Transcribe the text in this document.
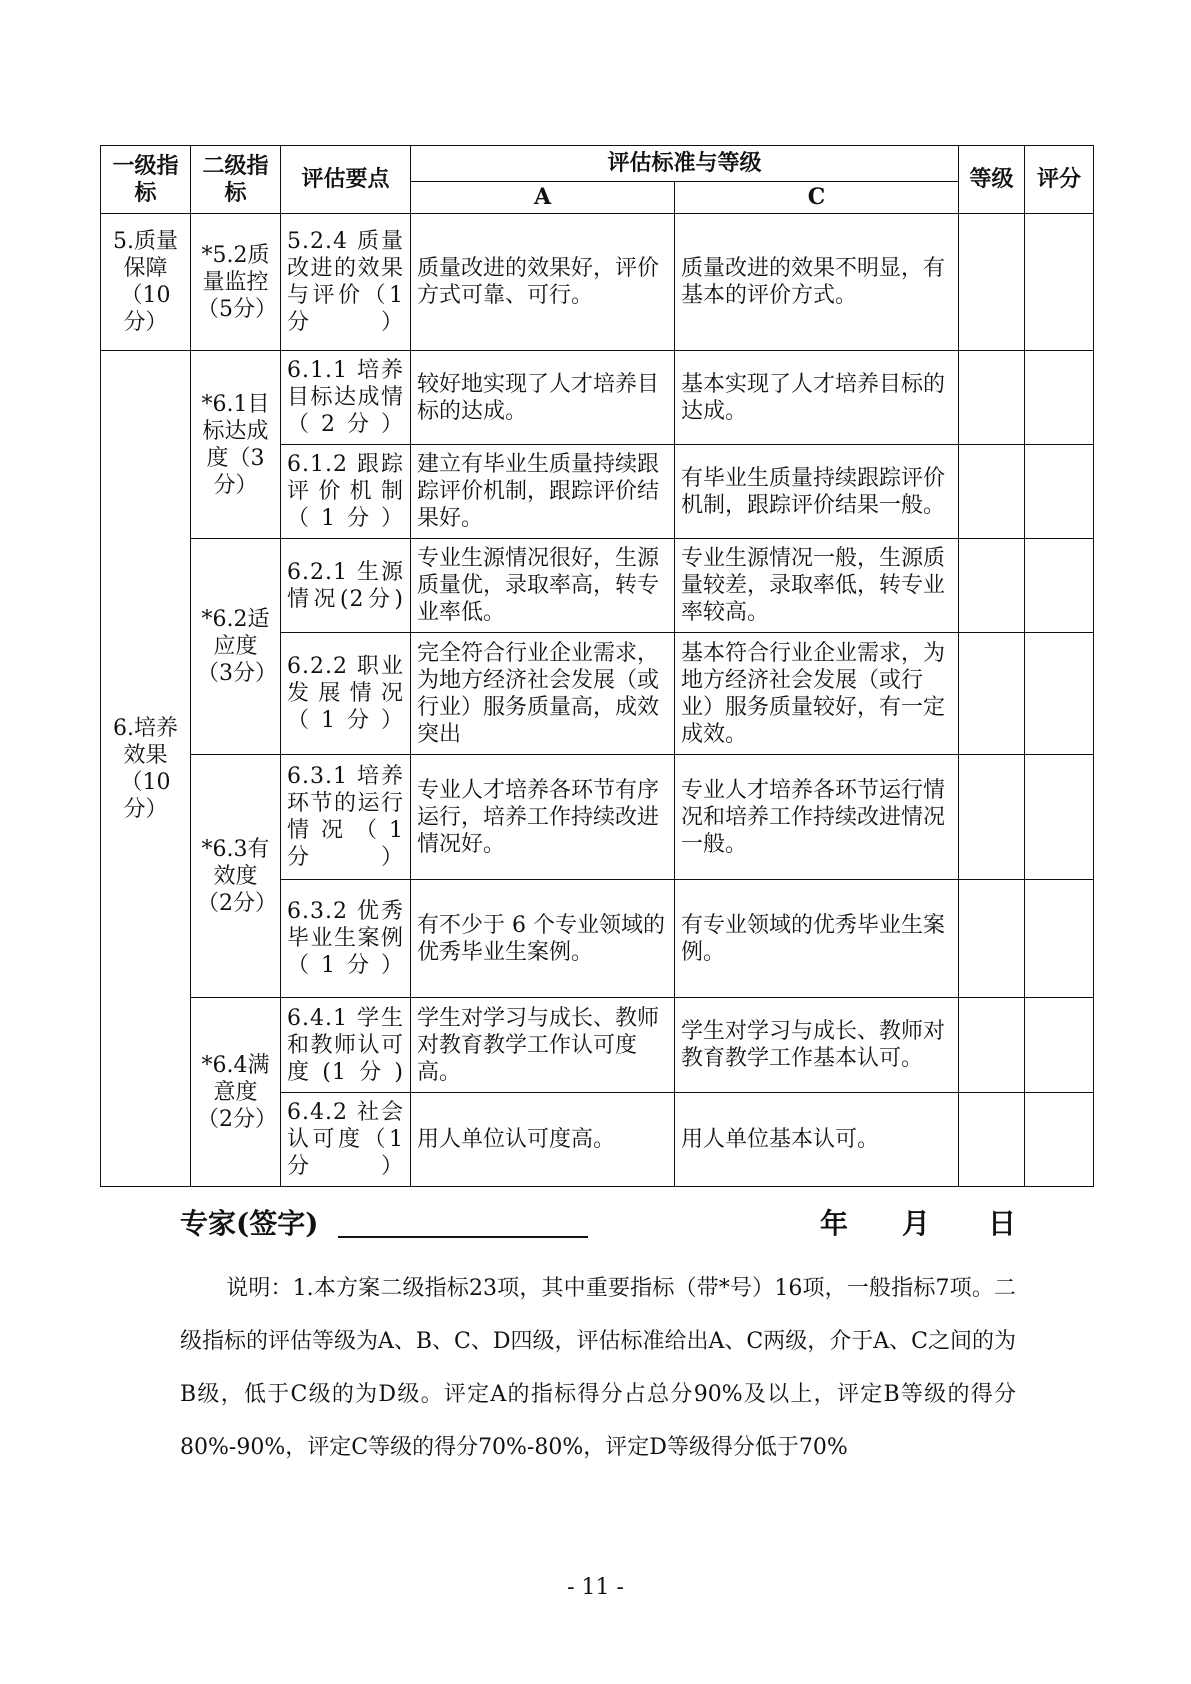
一级指标	二级指标	评估要点	评估标准与等级		等级	评分
			A	C		
5.质量保障（10分）	*5.2质量监控（5分）	5.2.4 质量改进的效果与评价（1分）	质量改进的效果好，评价方式可靠、可行。	质量改进的效果不明显，有基本的评价方式。		
6.培养效果（10分）	*6.1目标达成度（3分）	6.1.1 培养目标达成情（2分）	较好地实现了人才培养目标的达成。	基本实现了人才培养目标的达成。		
		6.1.2 跟踪评价机制（1分）	建立有毕业生质量持续跟踪评价机制，跟踪评价结果好。	有毕业生质量持续跟踪评价机制，跟踪评价结果一般。		
	*6.2适应度（3分）	6.2.1 生源情况(2分)	专业生源情况很好，生源质量优，录取率高，转专业率低。	专业生源情况一般，生源质量较差，录取率低，转专业率较高。		
		6.2.2 职业发展情况（1分）	完全符合行业企业需求，为地方经济社会发展（或行业）服务质量高，成效突出	基本符合行业企业需求，为地方经济社会发展（或行业）服务质量较好，有一定成效。		
	*6.3有效度（2分）	6.3.1 培养环节的运行情况（1分）	专业人才培养各环节有序运行，培养工作持续改进情况好。	专业人才培养各环节运行情况和培养工作持续改进情况一般。		
		6.3.2 优秀毕业生案例（1分）	有不少于 6 个专业领域的优秀毕业生案例。	有专业领域的优秀毕业生案例。		
	*6.4满意度（2分）	6.4.1 学生和教师认可度(1分)	学生对学习与成长、教师对教育教学工作认可度高。	学生对学习与成长、教师对教育教学工作基本认可。		
		6.4.2 社会认可度（1分）	用人单位认可度高。	用人单位基本认可。		
专家(签字)	年 月 日
说明：1.本方案二级指标23项，其中重要指标（带*号）16项，一般指标7项。二级指标的评估等级为A、B、C、D四级，评估标准给出A、C两级，介于A、C之间的为B级，低于C级的为D级。评定A的指标得分占总分90%及以上，评定B等级的得分80%-90%，评定C等级的得分70%-80%，评定D等级得分低于70%
- 11 -
